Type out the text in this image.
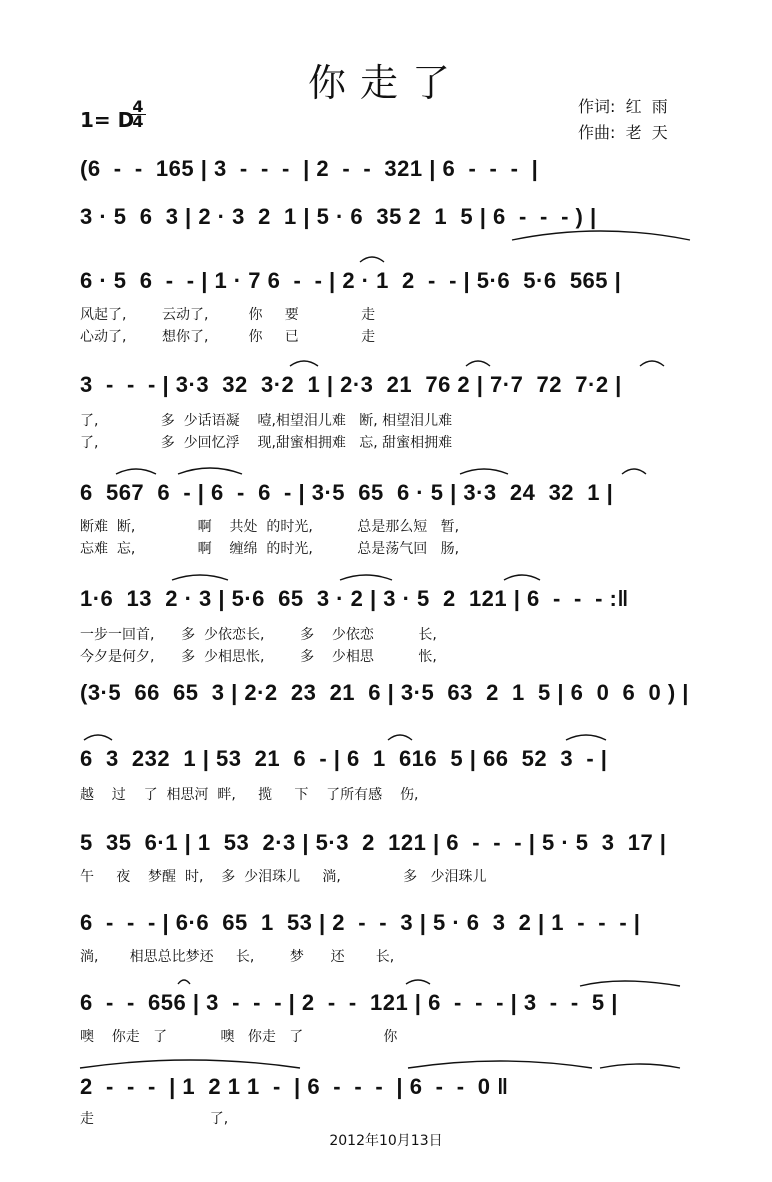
你走了
作词:  红  雨
作曲:  老  天
1= D
4
4
(6  -  -  165 | 3  -  -  -  | 2  -  -  321 | 6  -  -  -  |
3 · 5  6  3 | 2 · 3  2  1 | 5 · 6  35 2  1  5 | 6  -  -  - ) |
6 · 5  6  -  - | 1 · 7 6  -  - | 2 · 1  2  -  - | 5·6  5·6  565 |
风起了,        云动了,         你     要              走
心动了,        想你了,         你     已              走
3  -  -  - | 3·3  32  3·2  1 | 2·3  21  76 2 | 7·7  72  7·2 |
了,              多  少话语凝    噎,相望泪儿难   断, 相望泪儿难
了,              多  少回忆浮    现,甜蜜相拥难   忘, 甜蜜相拥难
6  567  6  - | 6  -  6  - | 3·5  65  6 · 5 | 3·3  24  32  1 |
断难  断,              啊    共处  的时光,          总是那么短   暂,
忘难  忘,              啊    缠绵  的时光,          总是荡气回   肠,
1·6  13  2 · 3 | 5·6  65  3 · 2 | 3 · 5  2  121 | 6  -  -  - :‖
一步一回首,      多  少依恋长,        多    少依恋          长,
今夕是何夕,      多  少相思怅,        多    少相思          怅,
(3·5  66  65  3 | 2·2  23  21  6 | 3·5  63  2  1  5 | 6  0  6  0 ) |
6  3  232  1 | 53  21  6  - | 6  1  616  5 | 66  52  3  - |
越    过    了  相思河  畔,     揽     下    了所有感    伤,
5  35  6·1 | 1  53  2·3 | 5·3  2  121 | 6  -  -  - | 5 · 5  3  17 |
午     夜    梦醒  时,    多  少泪珠儿     淌,              多   少泪珠儿
6  -  -  - | 6·6  65  1  53 | 2  -  -  3 | 5 · 6  3  2 | 1  -  -  - |
淌,       相思总比梦还     长,        梦      还       长,
6  -  -  656 | 3  -  -  - | 2  -  -  121 | 6  -  -  - | 3  -  -  5 |
噢    你走   了            噢   你走   了                  你
2  -  -  -  | 1  2 1 1  -  | 6  -  -  -  | 6  -  -  0 ‖
走                          了,
2012年10月13日
